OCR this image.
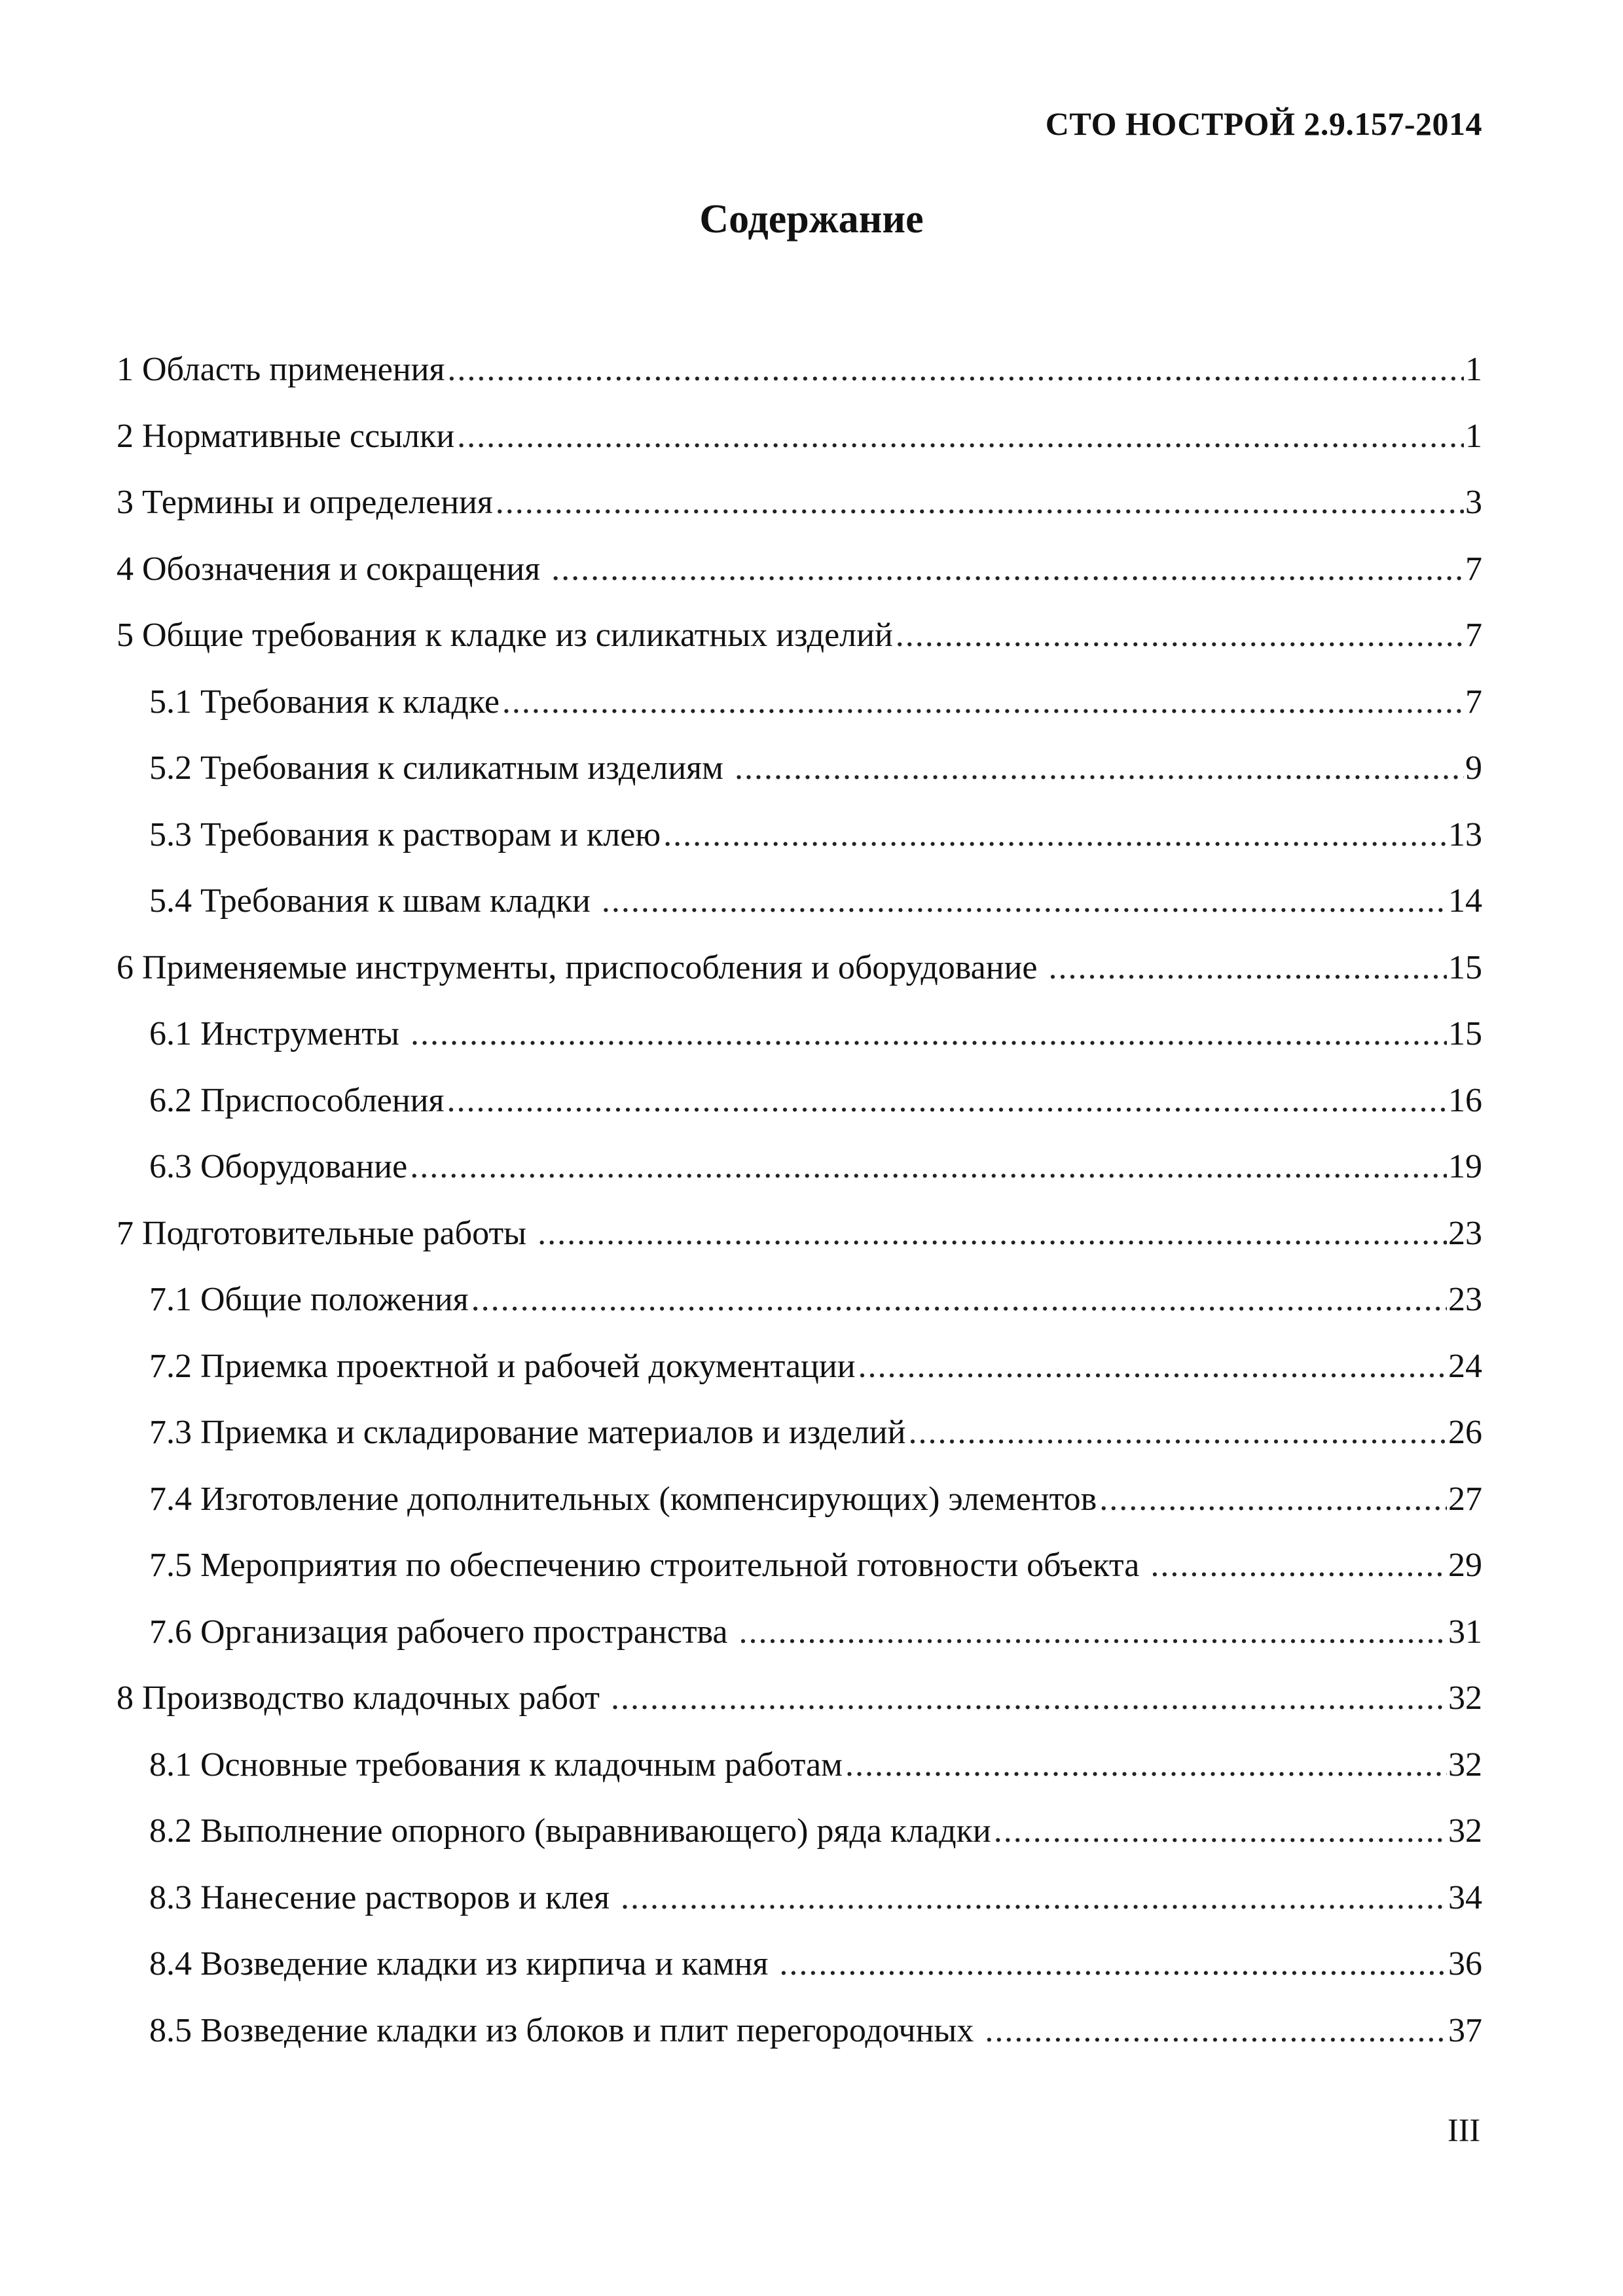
СТО НОСТРОЙ 2.9.157-2014
Содержание
1 Область применения .....	1
2 Нормативные ссылки .....	1
3 Термины и определения .....	3
4 Обозначения и сокращения .....	7
5 Общие требования к кладке из силикатных изделий .....	7
5.1 Требования к кладке .....	7
5.2 Требования к силикатным изделиям .....	9
5.3 Требования к растворам и клею .....	13
5.4 Требования к швам кладки .....	14
6 Применяемые инструменты, приспособления и оборудование .....	15
6.1 Инструменты .....	15
6.2 Приспособления .....	16
6.3 Оборудование .....	19
7 Подготовительные работы .....	23
7.1 Общие положения .....	23
7.2 Приемка проектной и рабочей документации .....	24
7.3 Приемка и складирование материалов и изделий .....	26
7.4 Изготовление дополнительных (компенсирующих) элементов .....	27
7.5 Мероприятия по обеспечению строительной готовности объекта .....	29
7.6 Организация рабочего пространства .....	31
8 Производство кладочных работ .....	32
8.1 Основные требования к кладочным работам .....	32
8.2 Выполнение опорного (выравнивающего) ряда кладки .....	32
8.3 Нанесение растворов и клея .....	34
8.4 Возведение кладки из кирпича и камня .....	36
8.5 Возведение кладки из блоков и плит перегородочных .....	37
III
